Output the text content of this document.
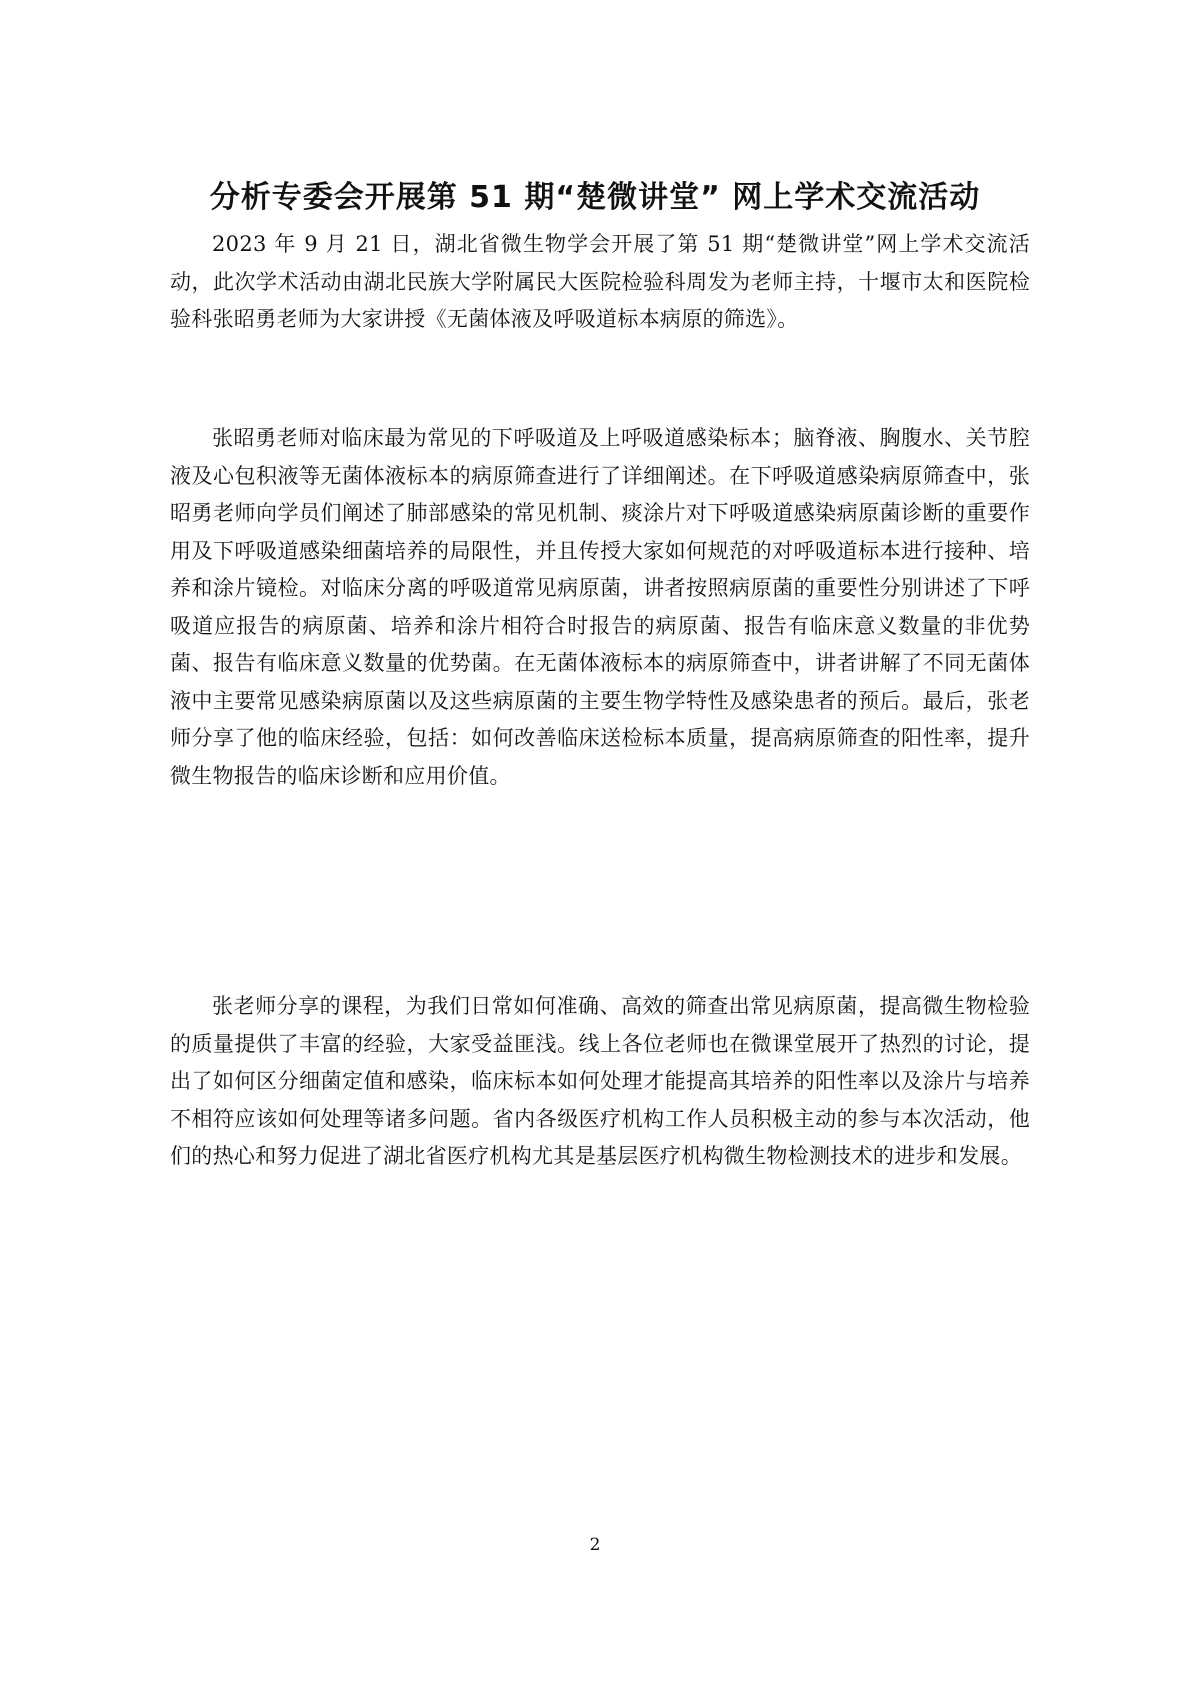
分析专委会开展第 51 期“楚微讲堂” 网上学术交流活动

2023 年 9 月 21 日，湖北省微生物学会开展了第 51 期“楚微讲堂”网上学术交流活动，此次学术活动由湖北民族大学附属民大医院检验科周发为老师主持，十堰市太和医院检验科张昭勇老师为大家讲授《无菌体液及呼吸道标本病原的筛选》。

张昭勇老师对临床最为常见的下呼吸道及上呼吸道感染标本；脑脊液、胸腹水、关节腔液及心包积液等无菌体液标本的病原筛查进行了详细阐述。在下呼吸道感染病原筛查中，张昭勇老师向学员们阐述了肺部感染的常见机制、痰涂片对下呼吸道感染病原菌诊断的重要作用及下呼吸道感染细菌培养的局限性，并且传授大家如何规范的对呼吸道标本进行接种、培养和涂片镜检。对临床分离的呼吸道常见病原菌，讲者按照病原菌的重要性分别讲述了下呼吸道应报告的病原菌、培养和涂片相符合时报告的病原菌、报告有临床意义数量的非优势菌、报告有临床意义数量的优势菌。在无菌体液标本的病原筛查中，讲者讲解了不同无菌体液中主要常见感染病原菌以及这些病原菌的主要生物学特性及感染患者的预后。最后，张老师分享了他的临床经验，包括：如何改善临床送检标本质量，提高病原筛查的阳性率，提升微生物报告的临床诊断和应用价值。

张老师分享的课程，为我们日常如何准确、高效的筛查出常见病原菌，提高微生物检验的质量提供了丰富的经验，大家受益匪浅。线上各位老师也在微课堂展开了热烈的讨论，提出了如何区分细菌定值和感染，临床标本如何处理才能提高其培养的阳性率以及涂片与培养不相符应该如何处理等诸多问题。省内各级医疗机构工作人员积极主动的参与本次活动，他们的热心和努力促进了湖北省医疗机构尤其是基层医疗机构微生物检测技术的进步和发展。

2
